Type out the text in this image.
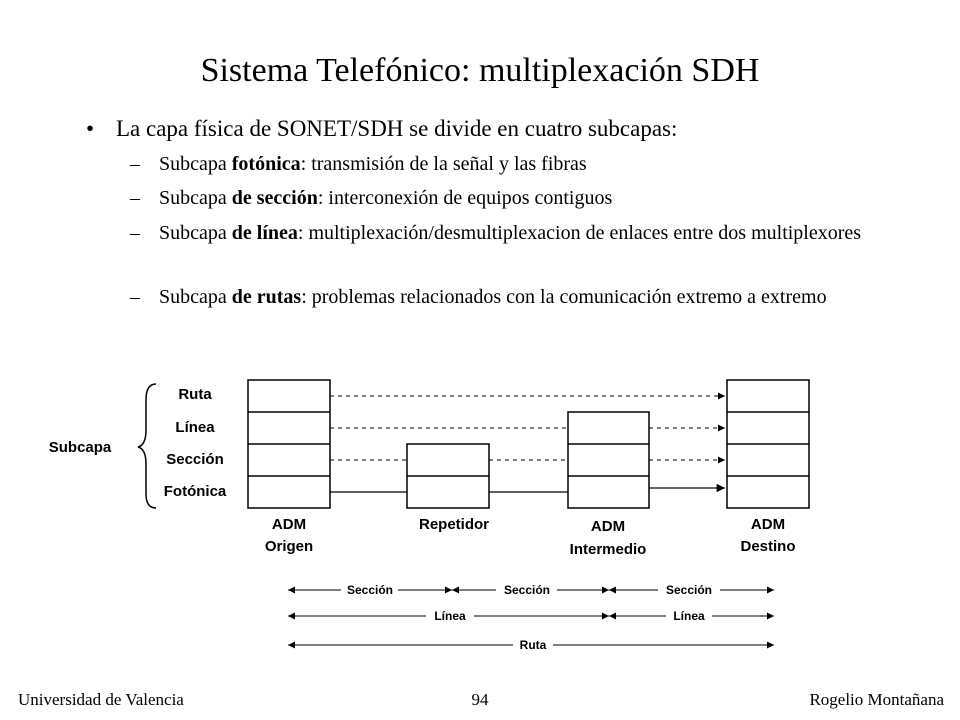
Sistema Telefónico: multiplexación SDH
• La capa física de SONET/SDH se divide en cuatro subcapas:
– Subcapa fotónica: transmisión de la señal y las fibras
– Subcapa de sección: interconexión de equipos contiguos
– Subcapa de línea: multiplexación/desmultiplexacion de enlaces entre dos multiplexores
– Subcapa de rutas: problemas relacionados con la comunicación extremo a extremo
Subcapa
Ruta
Línea
Sección
Fotónica
ADM
Origen
Repetidor	ADM
Intermedio
ADM
Destino
Sección	Sección	Sección
Línea	Línea
Ruta
Universidad de Valencia	94	Rogelio Montañana
